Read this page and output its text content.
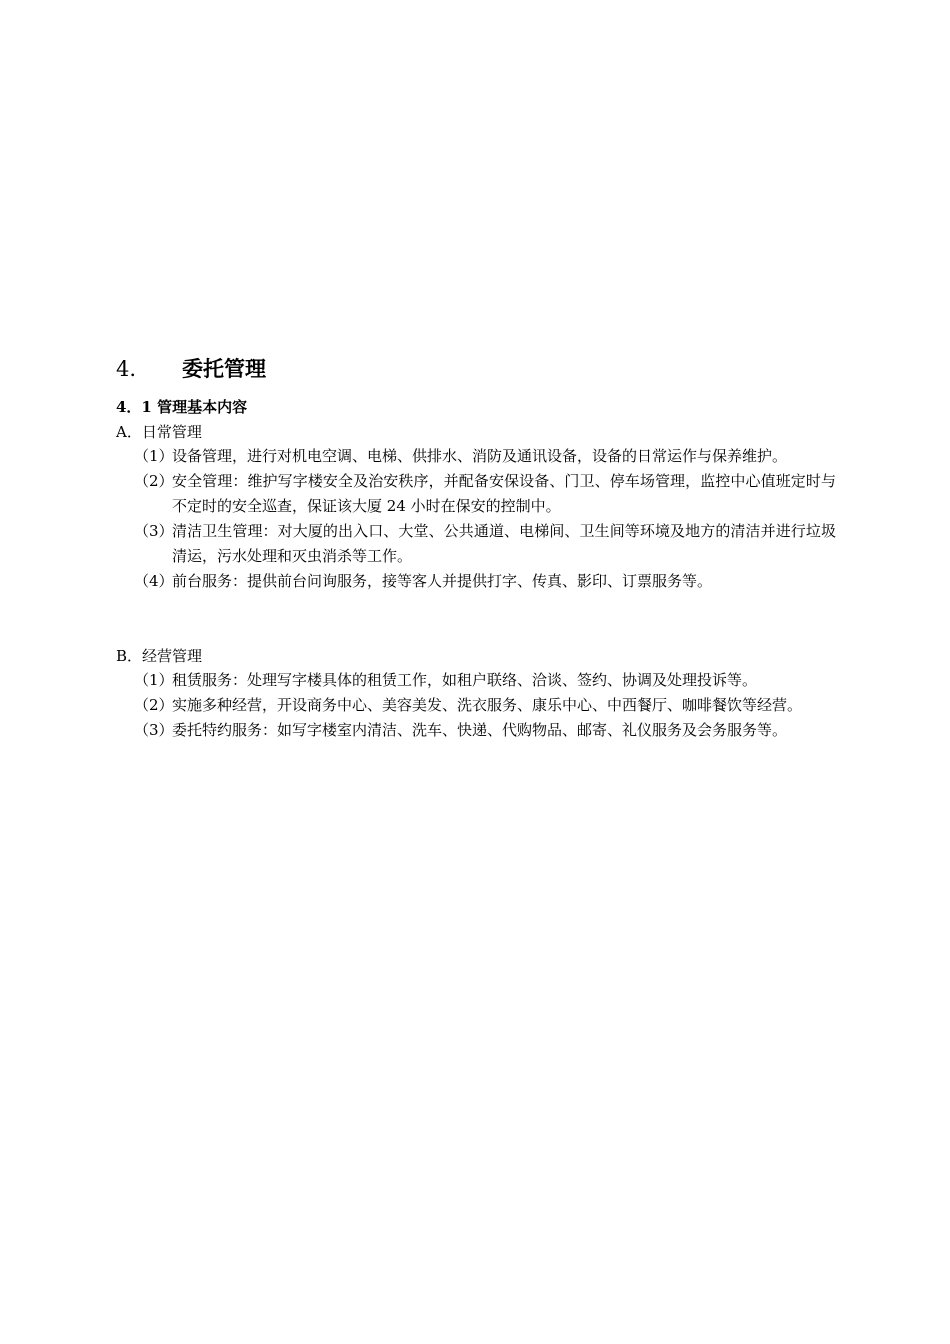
4. 委托管理
4．1 管理基本内容
A．日常管理
（1）
设备管理，进行对机电空调、电梯、供排水、消防及通讯设备，设备的日常运作与保养维护。
（2）
安全管理：维护写字楼安全及治安秩序，并配备安保设备、门卫、停车场管理，监控中心值班定时与不定时的安全巡查，保证该大厦 24 小时在保安的控制中。
（3）
清洁卫生管理：对大厦的出入口、大堂、公共通道、电梯间、卫生间等环境及地方的清洁并进行垃圾清运，污水处理和灭虫消杀等工作。
（4）
前台服务：提供前台问询服务，接等客人并提供打字、传真、影印、订票服务等。
B．经营管理
（1）
租赁服务：处理写字楼具体的租赁工作，如租户联络、洽谈、签约、协调及处理投诉等。
（2）
实施多种经营，开设商务中心、美容美发、洗衣服务、康乐中心、中西餐厅、咖啡餐饮等经营。
（3）
委托特约服务：如写字楼室内清洁、洗车、快递、代购物品、邮寄、礼仪服务及会务服务等。
